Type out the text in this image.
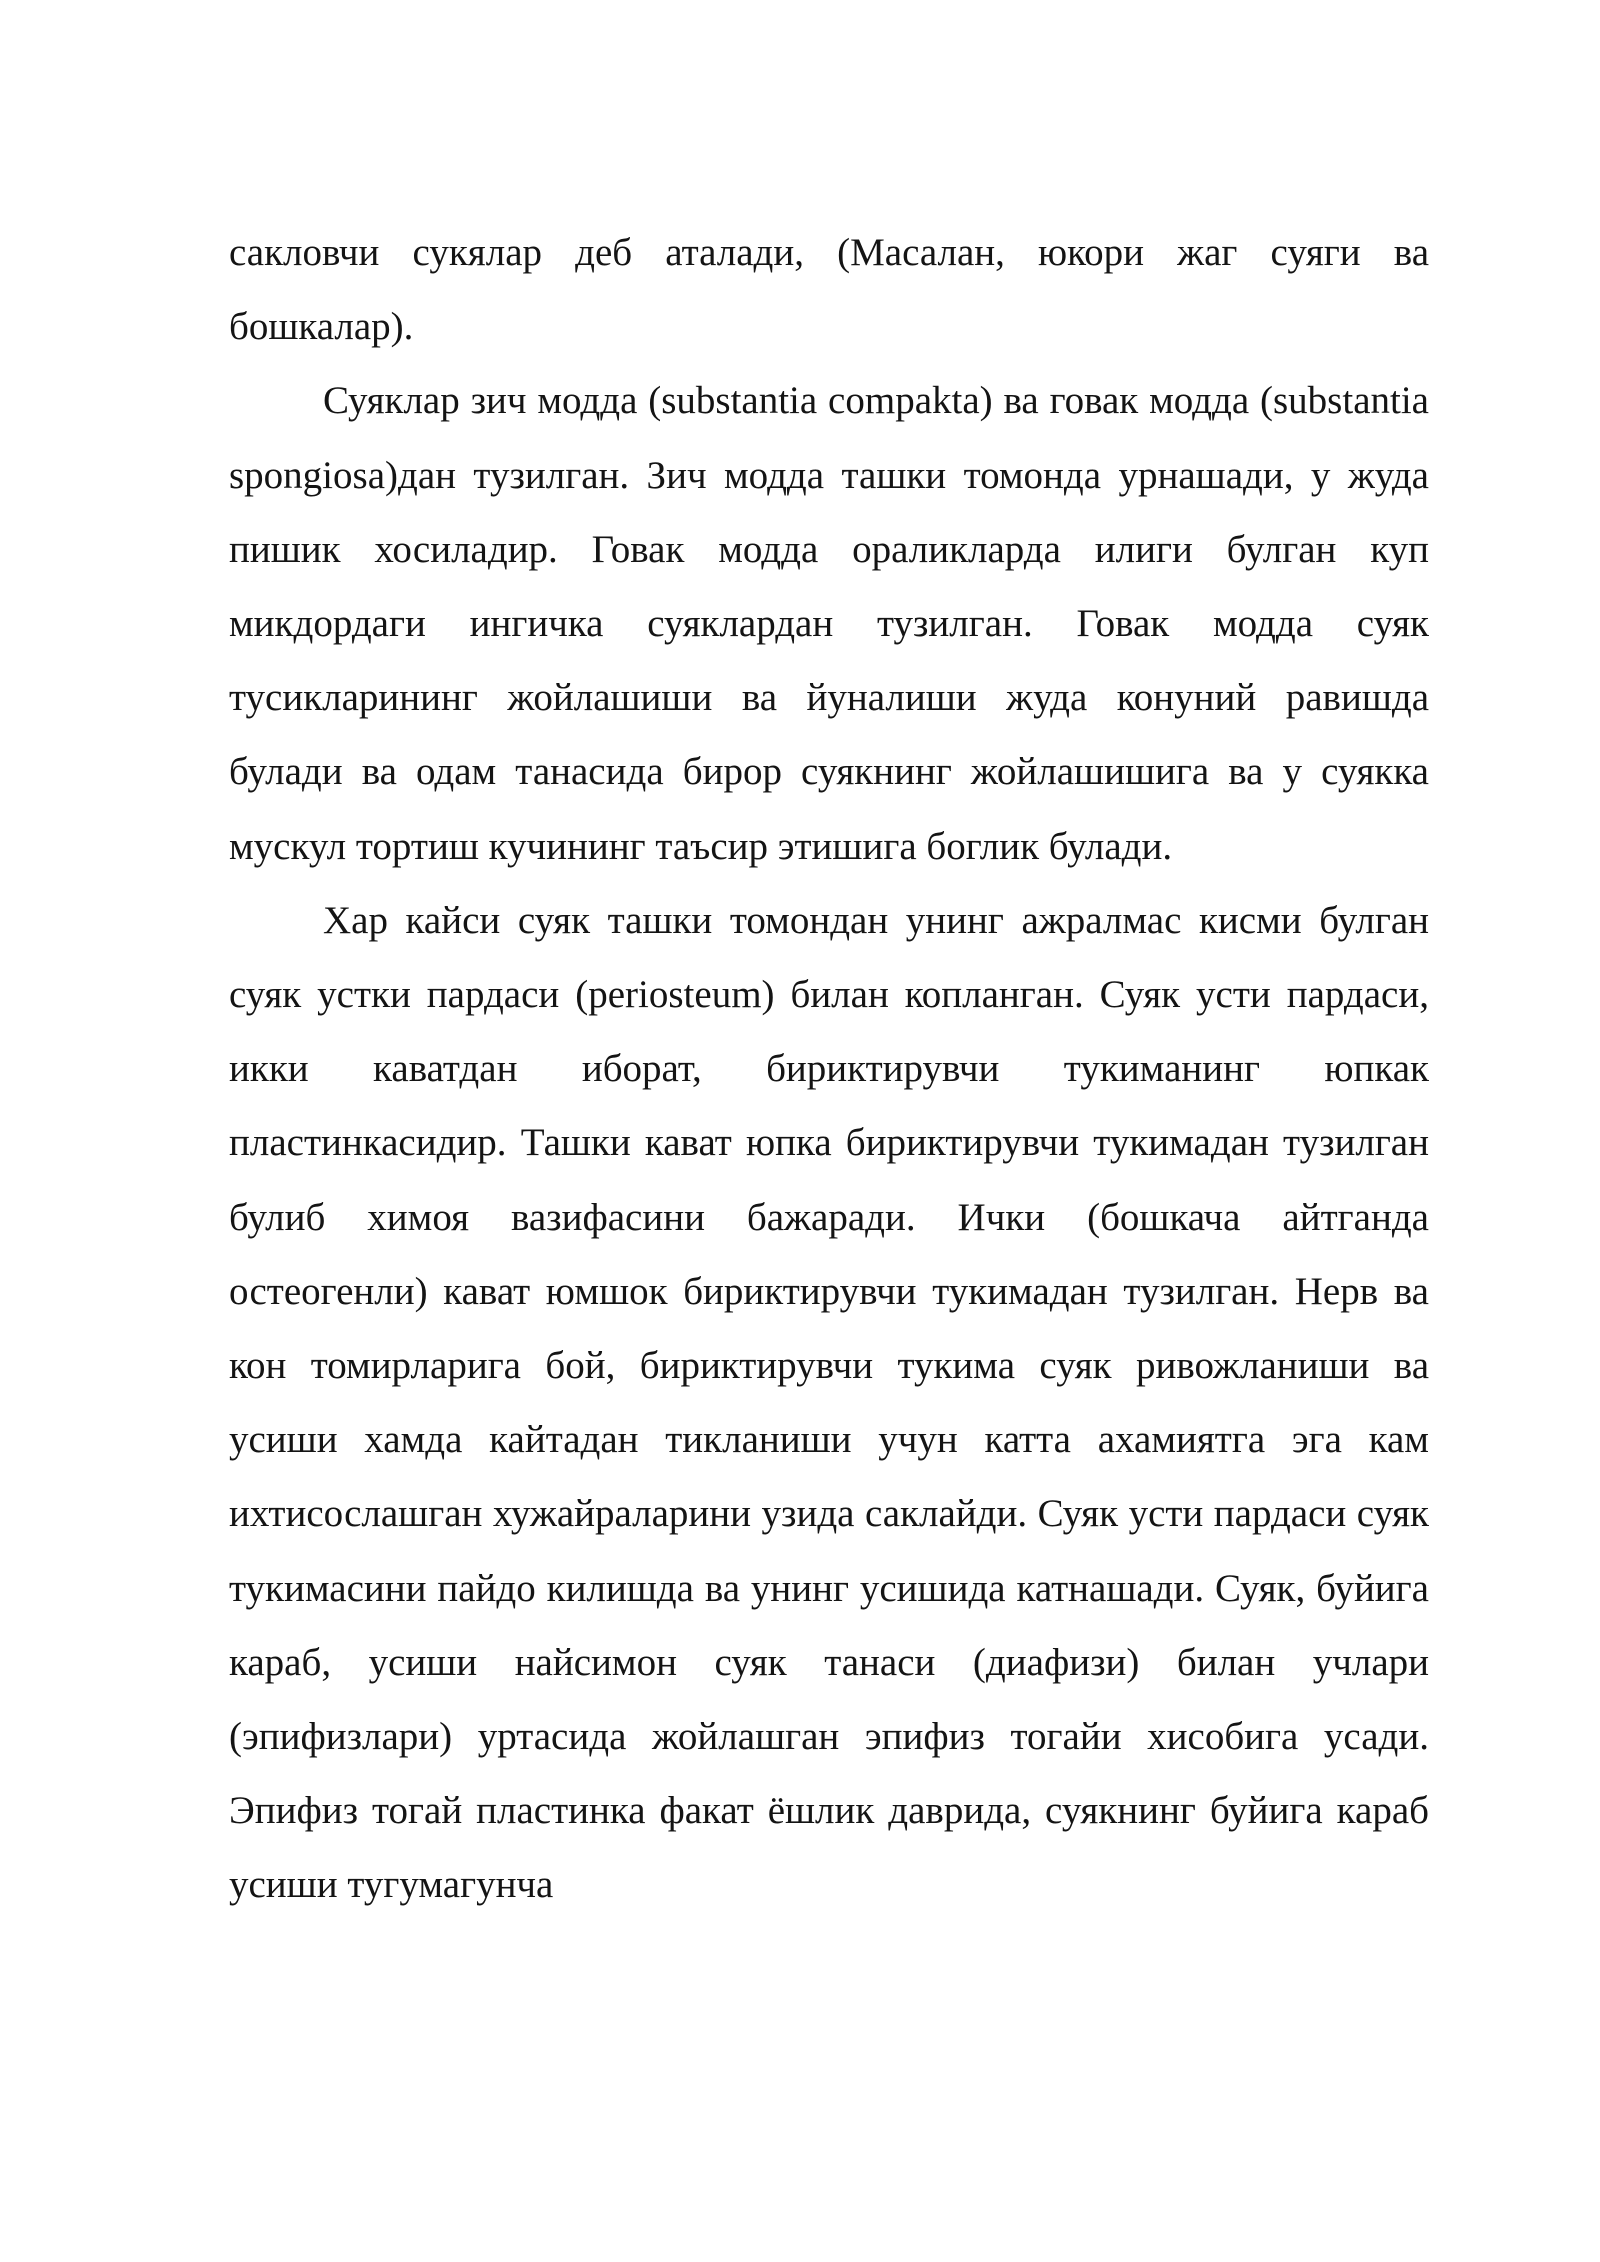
сакловчи сукялар деб аталади, (Масалан, юкори жаг суяги ва бошкалар).

Суяклар зич модда (substantia compakta) ва говак модда (substantia spongiosa)дан тузилган. Зич модда ташки томонда урнашади, у жуда пишик хосиладир. Говак модда ораликларда илиги булган куп микдордаги ингичка суяклардан тузилган. Говак модда суяк тусикларининг жойлашиши ва йуналиши жуда конуний равишда булади ва одам танасида бирор суякнинг жойлашишига ва у суякка мускул тортиш кучининг таъсир этишига боглик булади.

Хар кайси суяк ташки томондан унинг ажралмас кисми булган суяк устки пардаси (periosteum) билан копланган. Суяк усти пардаси, икки каватдан иборат, бириктирувчи тукиманинг юпкак пластинкасидир. Ташки кават юпка бириктирувчи тукимадан тузилган булиб химоя вазифасини бажаради. Ички (бошкача айтганда остеогенли) кават юмшок бириктирувчи тукимадан тузилган. Нерв ва кон томирларига бой, бириктирувчи тукима суяк ривожланиши ва усиши хамда кайтадан тикланиши учун катта ахамиятга эга кам ихтисослашган хужайраларини узида саклайди. Суяк усти пардаси суяк тукимасини пайдо килишда ва унинг усишида катнашади. Суяк, буйига караб, усиши найсимон суяк танаси (диафизи) билан учлари (эпифизлари) уртасида жойлашган эпифиз тогайи хисобига усади. Эпифиз тогай пластинка факат ёшлик даврида, суякнинг буйига караб усиши тугумагунча
